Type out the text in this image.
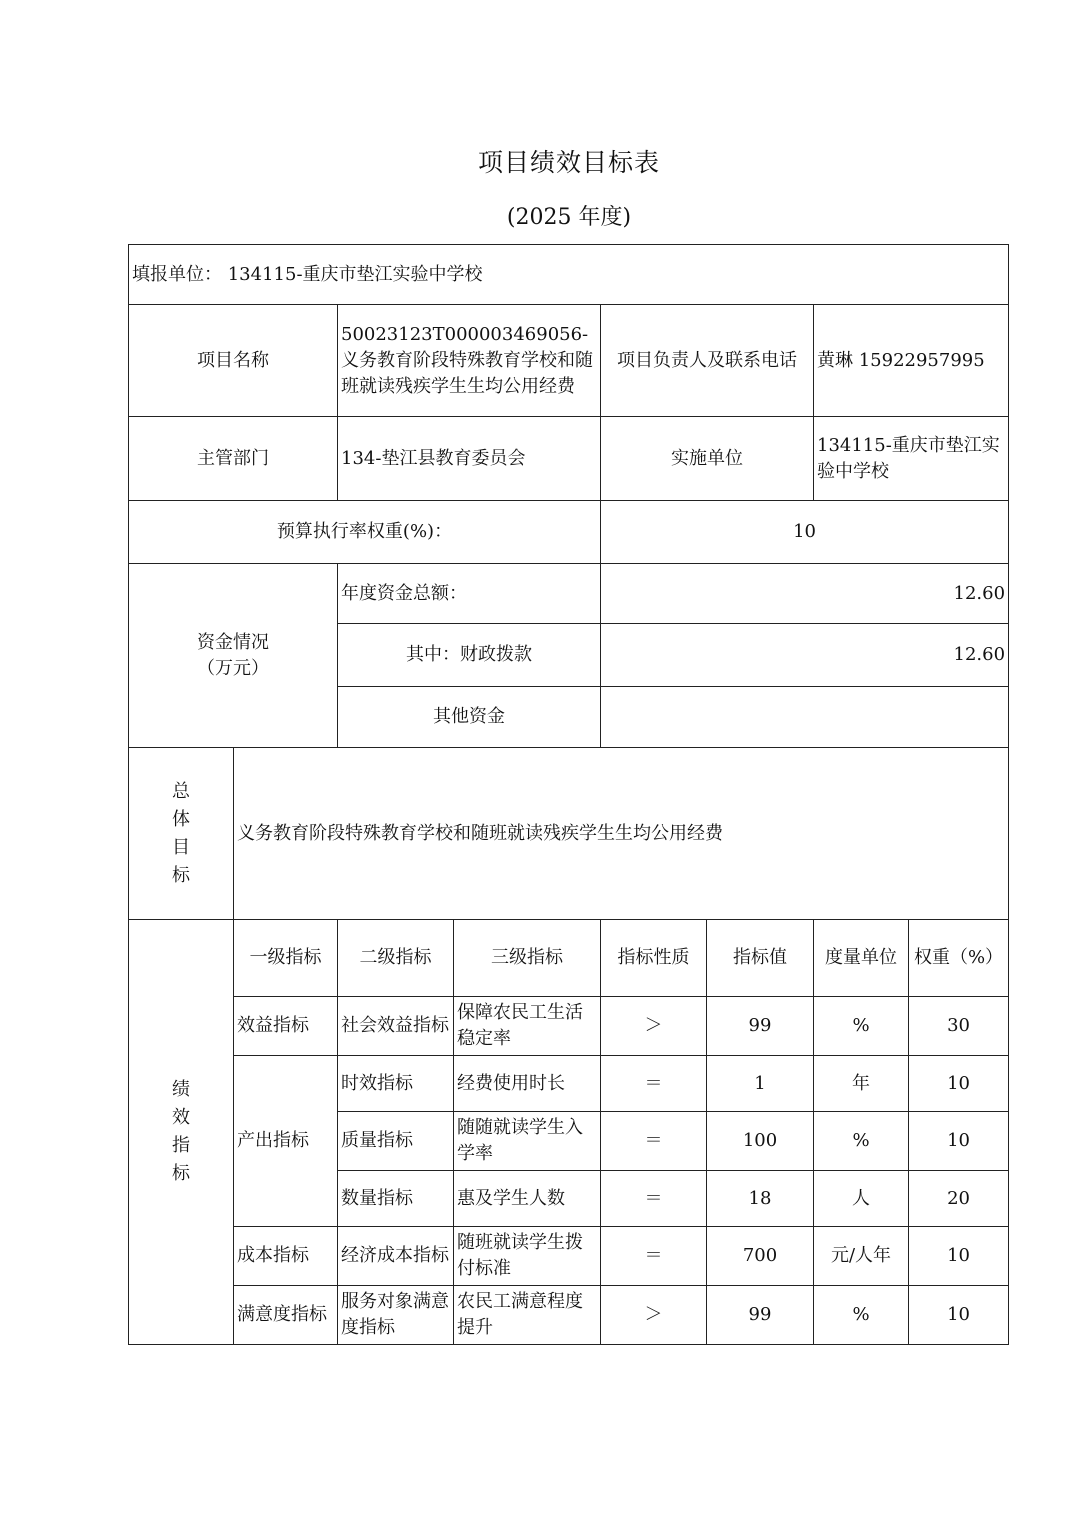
项目绩效目标表
(2025 年度)
填报单位： 134115-重庆市垫江实验中学校							
项目名称		50023123T000003469056-义务教育阶段特殊教育学校和随班就读残疾学生生均公用经费		项目负责人及联系电话		黄琳 15922957995	
主管部门		134-垫江县教育委员会		实施单位		134115-重庆市垫江实验中学校	
预算执行率权重(%)：				10			

资金情况
（万元）		年度资金总额：		12.60			
		其中：财政拨款		12.60			
		其他资金					

总
体
目
标	义务教育阶段特殊教育学校和随班就读残疾学生生均公用经费						

绩
效
指
标	一级指标	二级指标	三级指标	指标性质	指标值	度量单位	权重（%）
	效益指标	社会效益指标	保障农民工生活稳定率	＞	99	%	30
	产出指标	时效指标	经费使用时长	＝	1	年	10
		质量指标	随随就读学生入学率	＝	100	%	10
		数量指标	惠及学生人数	＝	18	人	20
	成本指标	经济成本指标	随班就读学生拨付标准	＝	700	元/人年	10
	满意度指标	服务对象满意度指标	农民工满意程度提升	＞	99	%	10
